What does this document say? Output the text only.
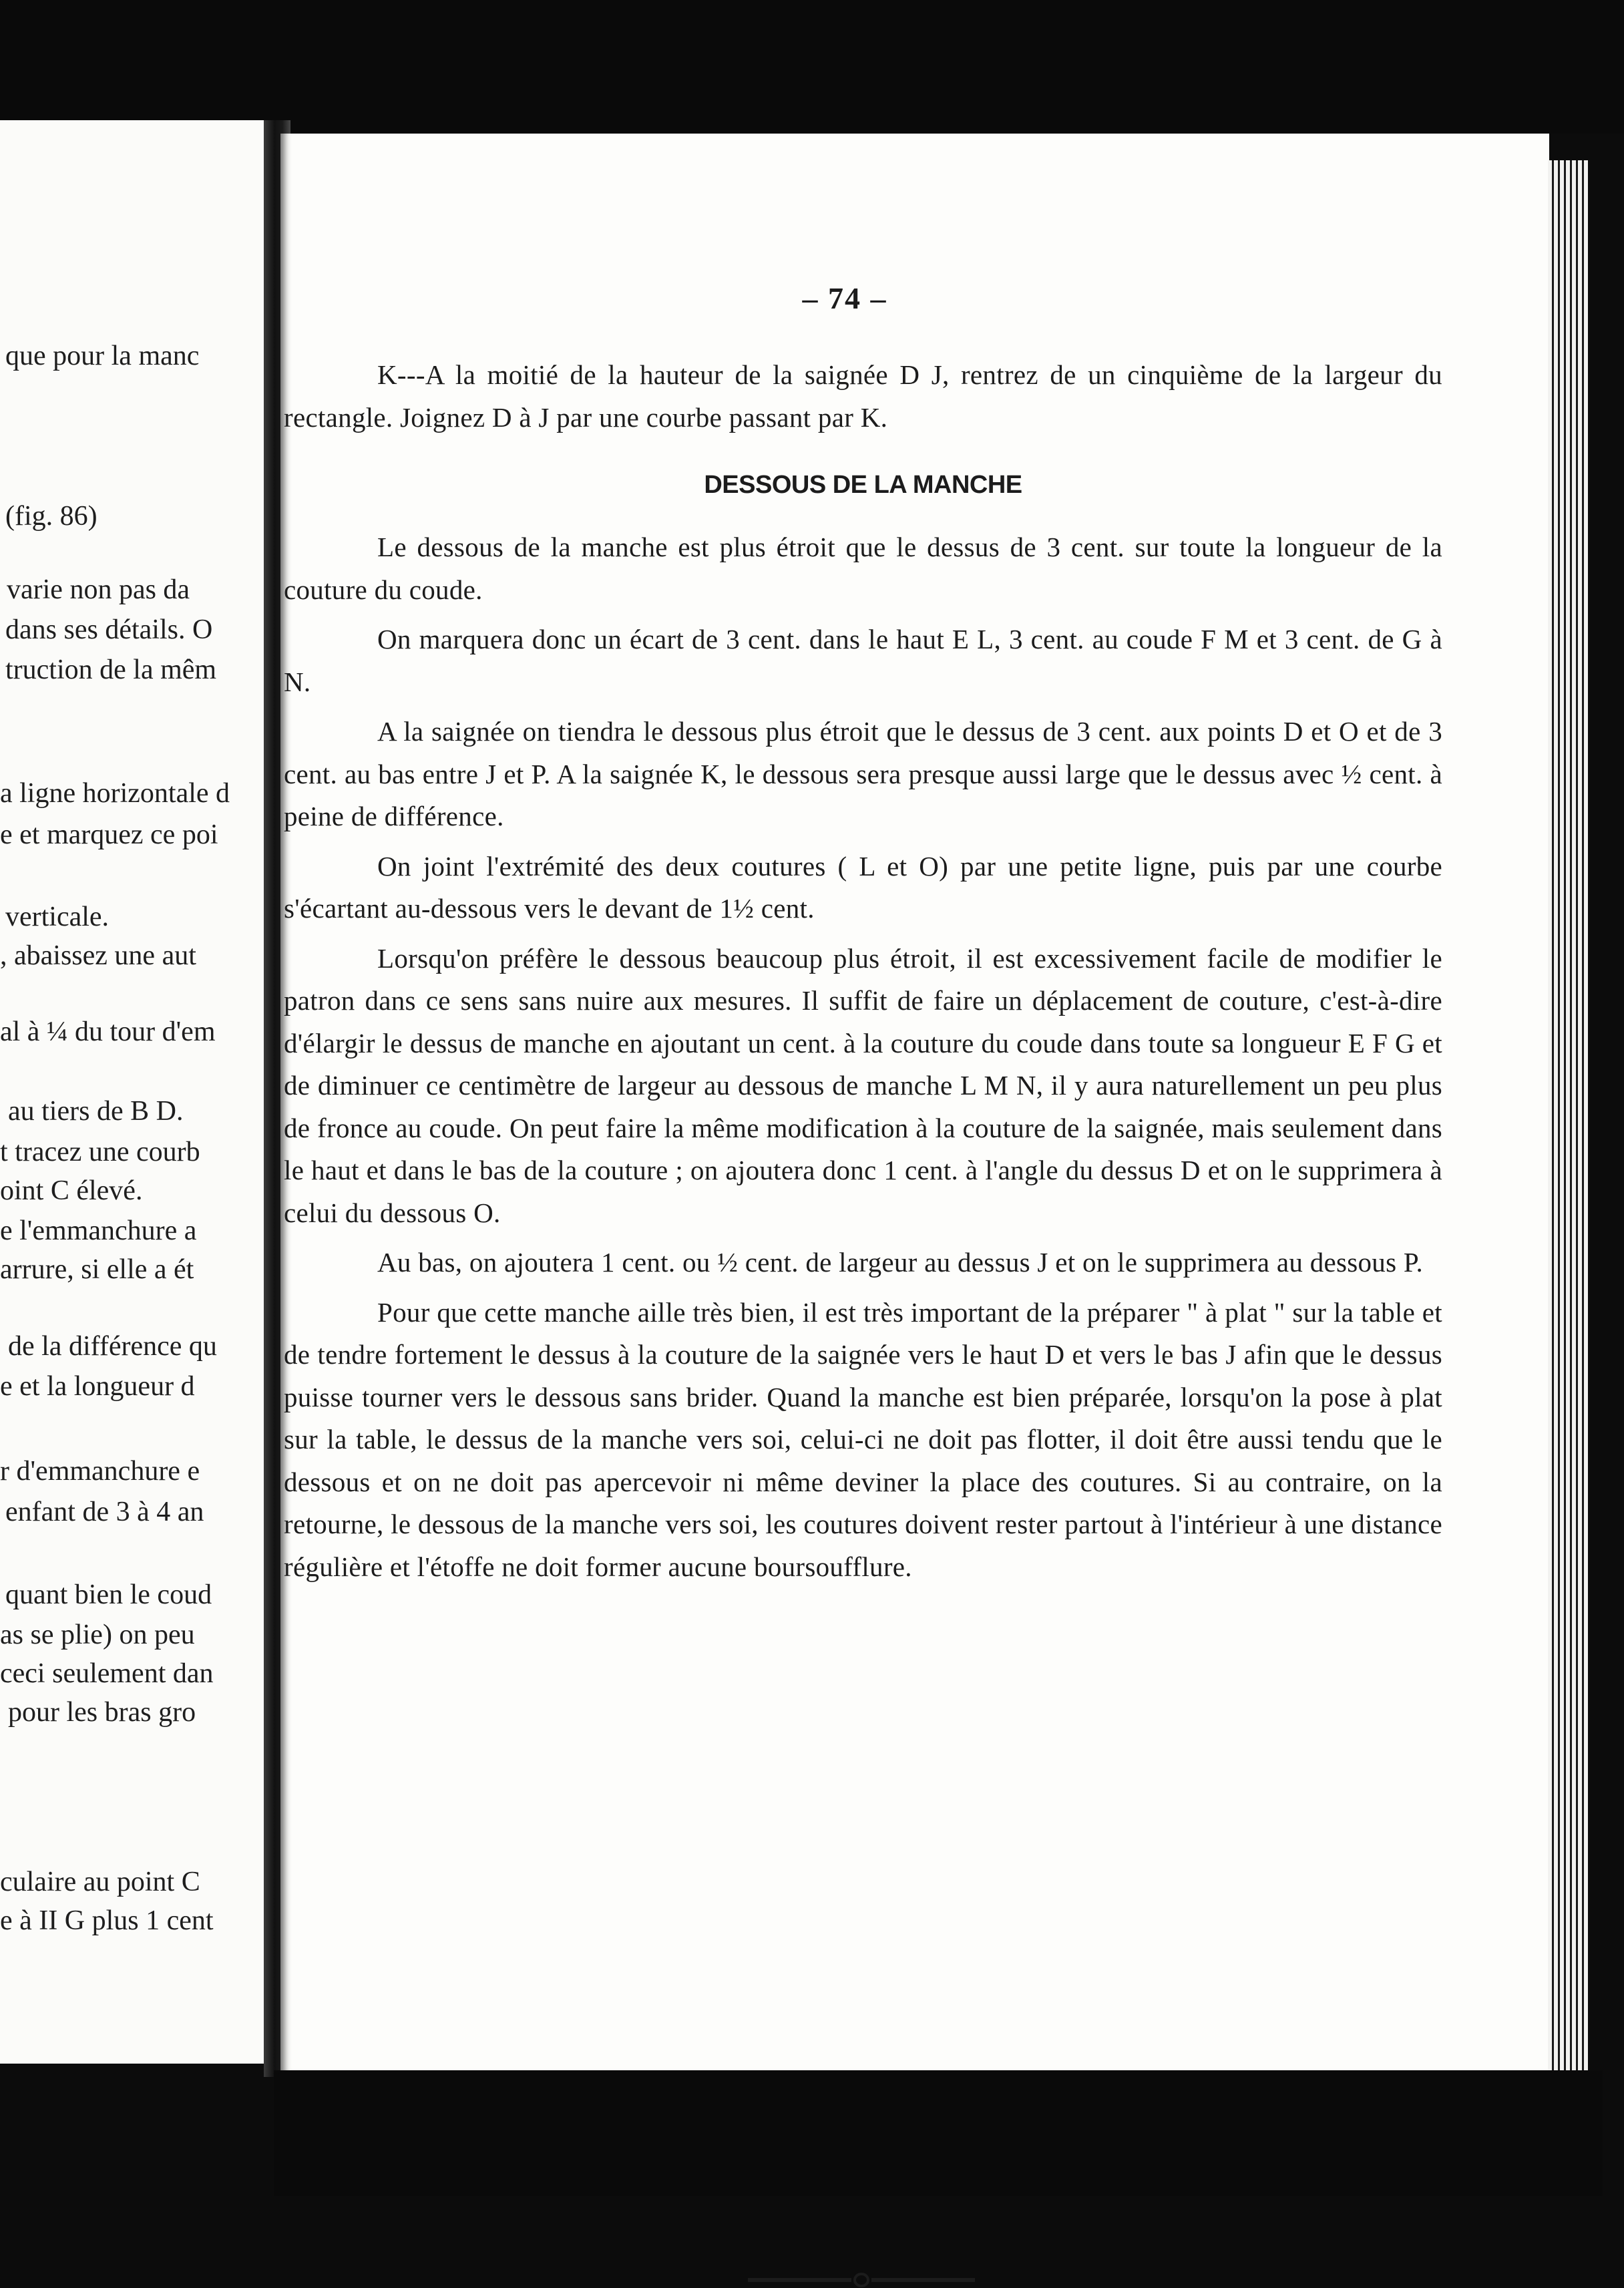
que pour la manc
(fig. 86)
varie non pas da
dans ses détails. O
truction de la mêm
a ligne horizontale d
e et marquez ce poi
verticale.
, abaissez une aut
al à ¼ du tour d'em
au tiers de B D.
t tracez une courb
oint C élevé.
e l'emmanchure a
arrure, si elle a ét
de la différence qu
e et la longueur d
r d'emmanchure e
enfant de 3 à 4 an
quant bien le coud
as se plie) on peu
ceci seulement dan
pour les bras gro
culaire au point C
e à II G plus 1 cent
– 74 –

K---A la moitié de la hauteur de la saignée D J, rentrez de un cinquième de la largeur du rectangle. Joignez D à J par une courbe passant par K.

DESSOUS DE LA MANCHE

Le dessous de la manche est plus étroit que le dessus de 3 cent. sur toute la longueur de la couture du coude.

On marquera donc un écart de 3 cent. dans le haut E L, 3 cent. au coude F M et 3 cent. de G à N.

A la saignée on tiendra le dessous plus étroit que le dessus de 3 cent. aux points D et O et de 3 cent. au bas entre J et P. A la saignée K, le dessous sera presque aussi large que le dessus avec ½ cent. à peine de différence.

On joint l'extrémité des deux coutures ( L et O) par une petite ligne, puis par une courbe s'écartant au-dessous vers le devant de 1½ cent.

Lorsqu'on préfère le dessous beaucoup plus étroit, il est excessivement facile de modifier le patron dans ce sens sans nuire aux mesures. Il suffit de faire un déplacement de couture, c'est-à-dire d'élargir le dessus de manche en ajoutant un cent. à la couture du coude dans toute sa longueur E F G et de diminuer ce centimètre de largeur au dessous de manche L M N, il y aura naturellement un peu plus de fronce au coude. On peut faire la même modification à la couture de la saignée, mais seulement dans le haut et dans le bas de la couture ; on ajoutera donc 1 cent. à l'angle du dessus D et on le supprimera à celui du dessous O.

Au bas, on ajoutera 1 cent. ou ½ cent. de largeur au dessus J et on le supprimera au dessous P.

Pour que cette manche aille très bien, il est très important de la préparer " à plat " sur la table et de tendre fortement le dessus à la couture de la saignée vers le haut D et vers le bas J afin que le dessus puisse tourner vers le dessous sans brider. Quand la manche est bien préparée, lorsqu'on la pose à plat sur la table, le dessus de la manche vers soi, celui-ci ne doit pas flotter, il doit être aussi tendu que le dessous et on ne doit pas apercevoir ni même deviner la place des coutures. Si au contraire, on la retourne, le dessous de la manche vers soi, les coutures doivent rester partout à l'intérieur à une distance régulière et l'étoffe ne doit former aucune boursoufflure.
